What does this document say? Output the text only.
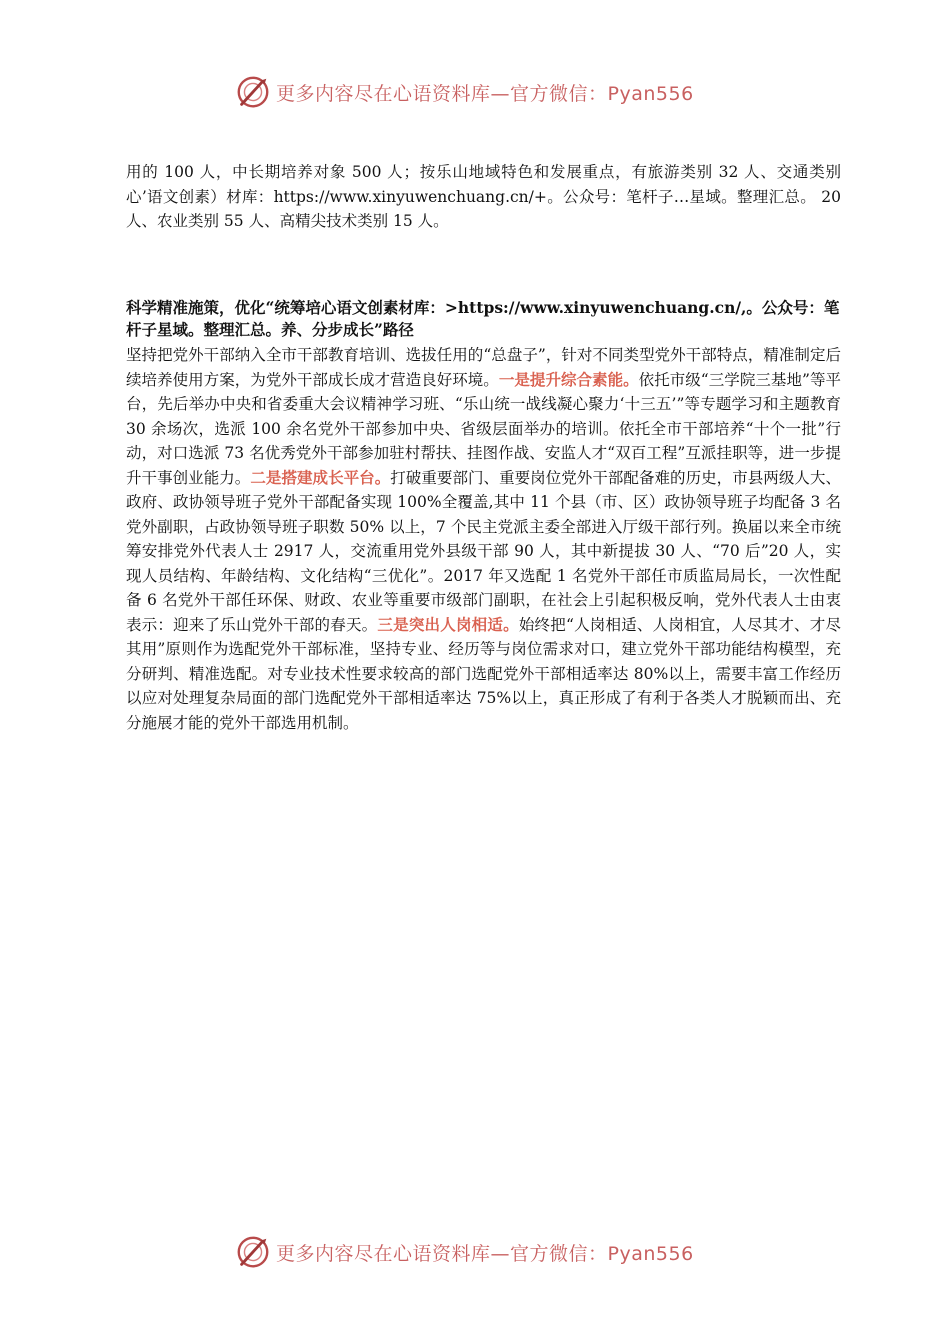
更多内容尽在心语资料库—官方微信：Pyan556

用的 100 人，中长期培养对象 500 人；按乐山地域特色和发展重点，有旅游类别 32 人、交通类别心’语文创素）材库：https://www.xinyuwenchuang.cn/+。公众号：笔杆子…星域。整理汇总。 20 人、农业类别 55 人、高精尖技术类别 15 人。

科学精准施策，优化“统筹培心语文创素材库：>https://www.xinyuwenchuang.cn/,。公众号：笔杆子星域。整理汇总。养、分步成长”路径

坚持把党外干部纳入全市干部教育培训、选拔任用的“总盘子”，针对不同类型党外干部特点，精准制定后续培养使用方案，为党外干部成长成才营造良好环境。一是提升综合素能。依托市级“三学院三基地”等平台，先后举办中央和省委重大会议精神学习班、“乐山统一战线凝心聚力‘十三五’”等专题学习和主题教育 30 余场次，选派 100 余名党外干部参加中央、省级层面举办的培训。依托全市干部培养“十个一批”行动，对口选派 73 名优秀党外干部参加驻村帮扶、挂图作战、安监人才“双百工程”互派挂职等，进一步提升干事创业能力。二是搭建成长平台。打破重要部门、重要岗位党外干部配备难的历史，市县两级人大、政府、政协领导班子党外干部配备实现 100%全覆盖,其中 11 个县（市、区）政协领导班子均配备 3 名党外副职，占政协领导班子职数 50% 以上，7 个民主党派主委全部进入厅级干部行列。换届以来全市统筹安排党外代表人士 2917 人，交流重用党外县级干部 90 人，其中新提拔 30 人、“70 后”20 人，实现人员结构、年龄结构、文化结构“三优化”。2017 年又选配 1 名党外干部任市质监局局长，一次性配备 6 名党外干部任环保、财政、农业等重要市级部门副职，在社会上引起积极反响，党外代表人士由衷表示：迎来了乐山党外干部的春天。三是突出人岗相适。始终把“人岗相适、人岗相宜，人尽其才、才尽其用”原则作为选配党外干部标准，坚持专业、经历等与岗位需求对口，建立党外干部功能结构模型，充分研判、精准选配。对专业技术性要求较高的部门选配党外干部相适率达 80%以上，需要丰富工作经历以应对处理复杂局面的部门选配党外干部相适率达 75%以上，真正形成了有利于各类人才脱颖而出、充分施展才能的党外干部选用机制。

更多内容尽在心语资料库—官方微信：Pyan556
